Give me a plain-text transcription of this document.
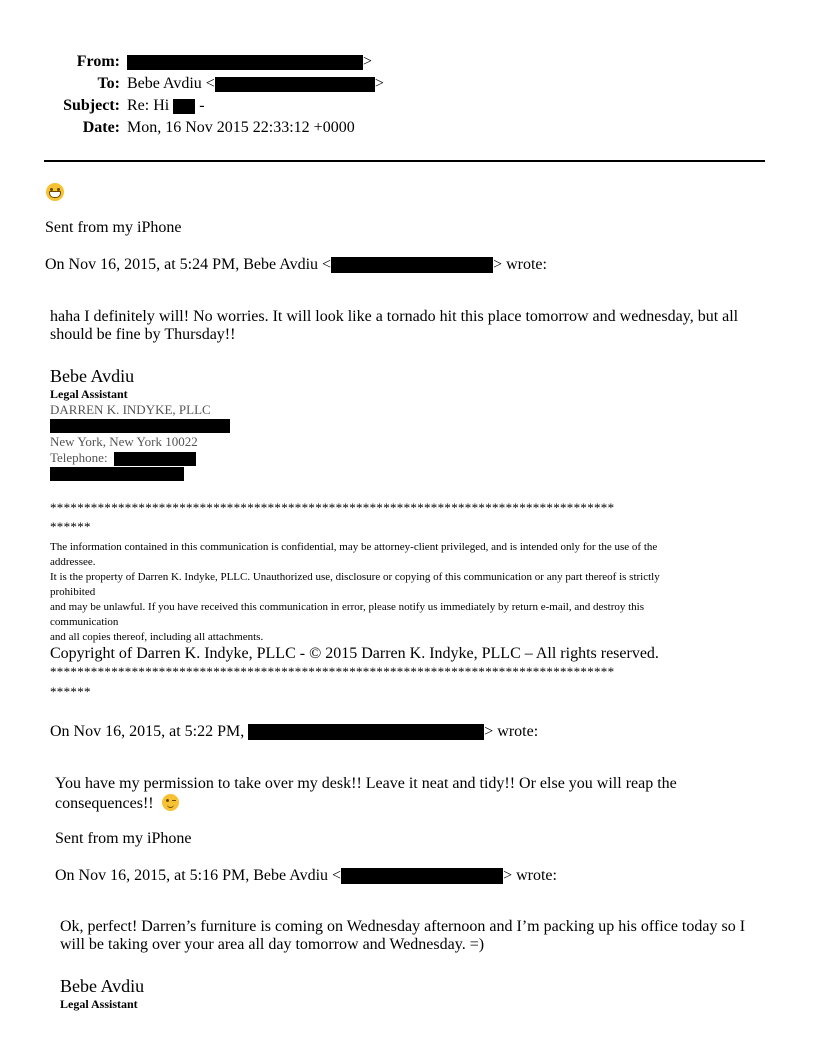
From:	>
To: Bebe Avdiu <	>
Subject: Re: Hi -
Date: Mon, 16 Nov 2015 22:33:12 +0000
Sent from my iPhone
On Nov 16, 2015, at 5:24 PM, Bebe Avdiu <	> wrote:
haha I definitely will! No worries. It will look like a tornado hit this place tomorrow and wednesday, but all
should be fine by Thursday!!
Bebe Avdiu
Legal Assistant
DARREN K. INDYKE, PLLC
New York, New York 10022
Telephone:
***********************************************************************************
******
The information contained in this communication is confidential, may be attorney-client privileged, and is intended only for the use of the
addressee.
It is the property of Darren K. Indyke, PLLC. Unauthorized use, disclosure or copying of this communication or any part thereof is strictly
prohibited
and may be unlawful. If you have received this communication in error, please notify us immediately by return e-mail, and destroy this
communication
and all copies thereof, including all attachments.
Copyright of Darren K. Indyke, PLLC - © 2015 Darren K. Indyke, PLLC – All rights reserved.
***********************************************************************************
******
On Nov 16, 2015, at 5:22 PM,	> wrote:
You have my permission to take over my desk!! Leave it neat and tidy!! Or else you will reap the
consequences!!
Sent from my iPhone
On Nov 16, 2015, at 5:16 PM, Bebe Avdiu <	> wrote:
Ok, perfect! Darren’s furniture is coming on Wednesday afternoon and I’m packing up his office today so I
will be taking over your area all day tomorrow and Wednesday. =)
Bebe Avdiu
Legal Assistant
